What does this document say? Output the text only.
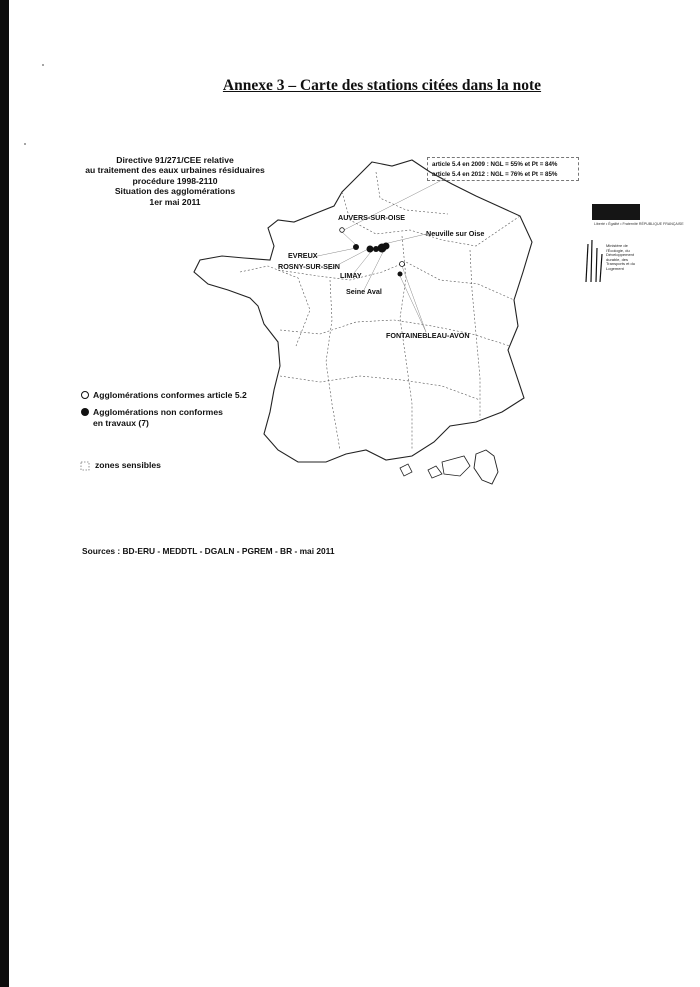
Annexe 3 – Carte des stations citées dans la note
Directive 91/271/CEE relative
au traitement des eaux urbaines résiduaires
procédure 1998-2110
Situation des agglomérations
1er mai 2011
article 5.4 en 2009 : NGL = 55% et Pt = 84%
article 5.4 en 2012 : NGL = 76% et Pt = 85%
AUVERS-SUR-OISE
Neuville sur Oise
EVREUX
ROSNY-SUR-SEIN
LIMAY
Seine Aval
FONTAINEBLEAU-AVON
Agglomérations conformes article 5.2
Agglomérations non conformes
en travaux (7)
zones sensibles
Sources : BD-ERU - MEDDTL - DGALN - PGREM - BR - mai 2011
Liberté • Égalité • Fraternité RÉPUBLIQUE FRANÇAISE
Ministère de l'Écologie, du Développement durable, des Transports et du Logement
